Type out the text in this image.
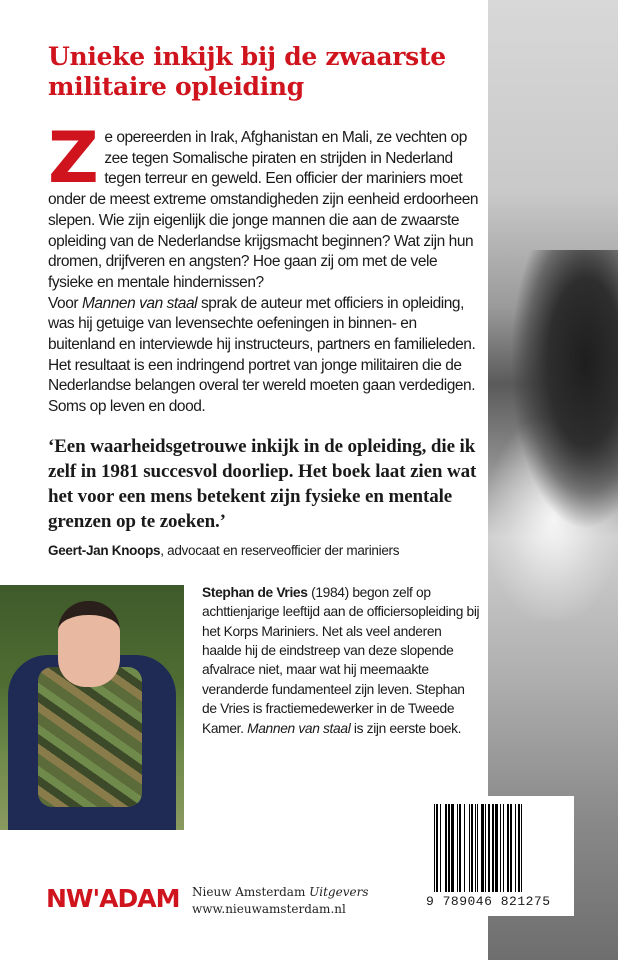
Unieke inkijk bij de zwaarste militaire opleiding
Ze opereerden in Irak, Afghanistan en Mali, ze vechten op zee tegen Somalische piraten en strijden in Nederland tegen terreur en geweld. Een officier der mariniers moet onder de meest extreme omstandigheden zijn eenheid erdoorheen slepen. Wie zijn eigenlijk die jonge mannen die aan de zwaarste opleiding van de Nederlandse krijgsmacht beginnen? Wat zijn hun dromen, drijfveren en angsten? Hoe gaan zij om met de vele fysieke en mentale hindernissen?
Voor Mannen van staal sprak de auteur met officiers in opleiding, was hij getuige van levensechte oefeningen in binnen- en buitenland en interviewde hij instructeurs, partners en familieleden.
Het resultaat is een indringend portret van jonge militairen die de Nederlandse belangen overal ter wereld moeten gaan verdedigen. Soms op leven en dood.

‘Een waarheidsgetrouwe inkijk in de opleiding, die ik zelf in 1981 succesvol doorliep. Het boek laat zien wat het voor een mens betekent zijn fysieke en mentale grenzen op te zoeken.’

Geert-Jan Knoops, advocaat en reserveofficier der mariniers

Stephan de Vries (1984) begon zelf op achttienjarige leeftijd aan de officiersopleiding bij het Korps Mariniers. Net als veel anderen haalde hij de eindstreep van deze slopende afvalrace niet, maar wat hij meemaakte veranderde fundamenteel zijn leven. Stephan de Vries is fractiemedewerker in de Tweede Kamer. Mannen van staal is zijn eerste boek.

NW'ADAM Nieuw Amsterdam Uitgevers
www.nieuwamsterdam.nl	9 789046 821275
